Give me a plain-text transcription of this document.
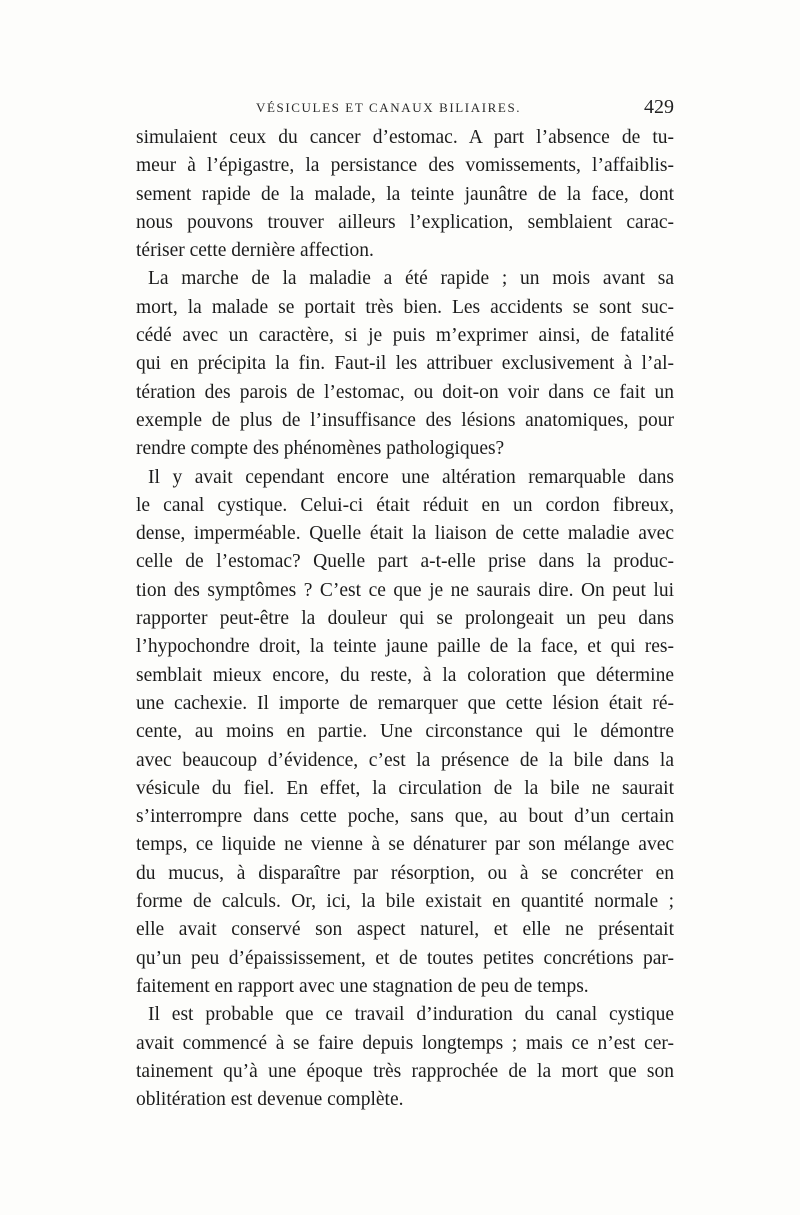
VÉSICULES ET CANAUX BILIAIRES.	429
simulaient ceux du cancer d’estomac. A part l’absence de tu-
meur à l’épigastre, la persistance des vomissements, l’affaiblis-
sement rapide de la malade, la teinte jaunâtre de la face, dont
nous pouvons trouver ailleurs l’explication, semblaient carac-
tériser cette dernière affection.
La marche de la maladie a été rapide ; un mois avant sa
mort, la malade se portait très bien. Les accidents se sont suc-
cédé avec un caractère, si je puis m’exprimer ainsi, de fatalité
qui en précipita la fin. Faut-il les attribuer exclusivement à l’al-
tération des parois de l’estomac, ou doit-on voir dans ce fait un
exemple de plus de l’insuffisance des lésions anatomiques, pour
rendre compte des phénomènes pathologiques?
Il y avait cependant encore une altération remarquable dans
le canal cystique. Celui-ci était réduit en un cordon fibreux,
dense, imperméable. Quelle était la liaison de cette maladie avec
celle de l’estomac? Quelle part a-t-elle prise dans la produc-
tion des symptômes ? C’est ce que je ne saurais dire. On peut lui
rapporter peut-être la douleur qui se prolongeait un peu dans
l’hypochondre droit, la teinte jaune paille de la face, et qui res-
semblait mieux encore, du reste, à la coloration que détermine
une cachexie. Il importe de remarquer que cette lésion était ré-
cente, au moins en partie. Une circonstance qui le démontre
avec beaucoup d’évidence, c’est la présence de la bile dans la
vésicule du fiel. En effet, la circulation de la bile ne saurait
s’interrompre dans cette poche, sans que, au bout d’un certain
temps, ce liquide ne vienne à se dénaturer par son mélange avec
du mucus, à disparaître par résorption, ou à se concréter en
forme de calculs. Or, ici, la bile existait en quantité normale ;
elle avait conservé son aspect naturel, et elle ne présentait
qu’un peu d’épaississement, et de toutes petites concrétions par-
faitement en rapport avec une stagnation de peu de temps.
Il est probable que ce travail d’induration du canal cystique
avait commencé à se faire depuis longtemps ; mais ce n’est cer-
tainement qu’à une époque très rapprochée de la mort que son
oblitération est devenue complète.
